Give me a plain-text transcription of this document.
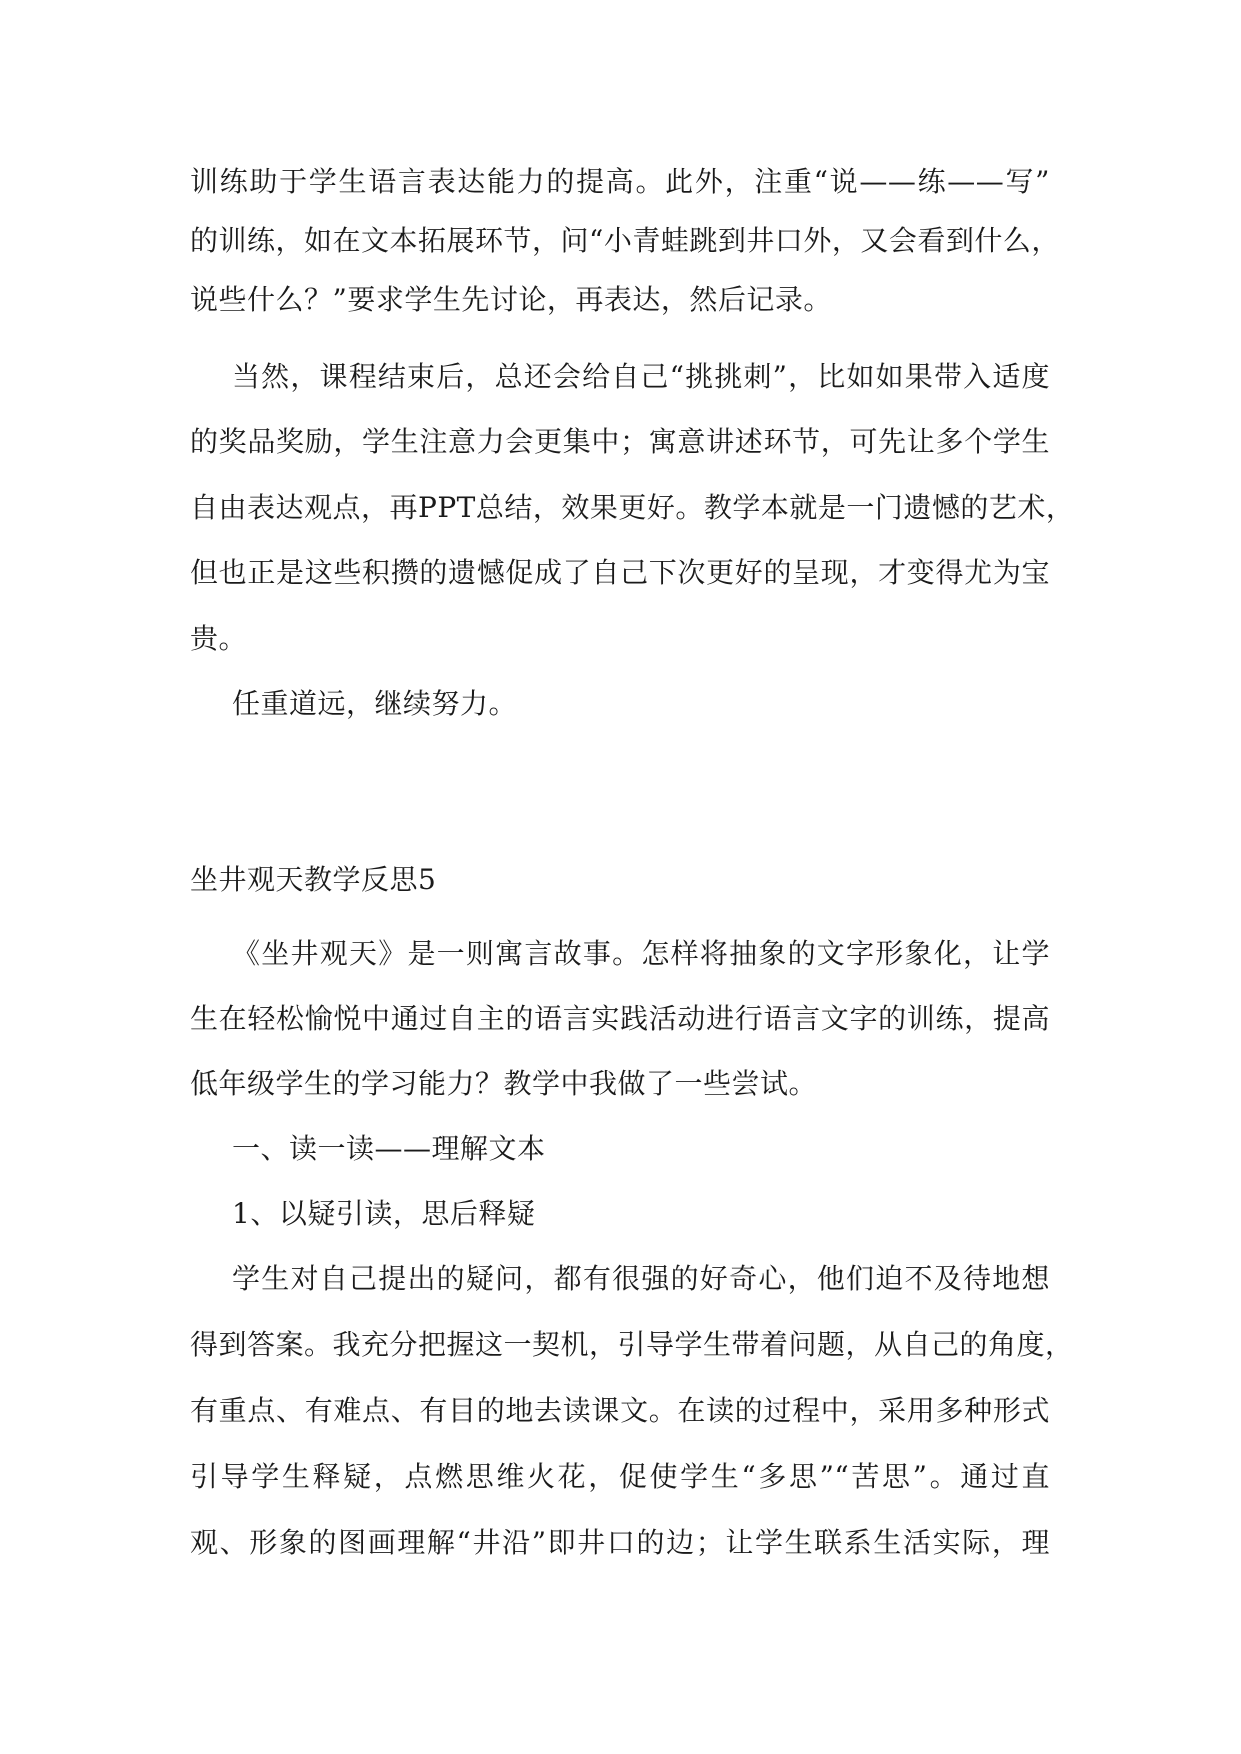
训练助于学生语言表达能力的提高。此外，注重“说——练——写”
的训练，如在文本拓展环节，问“小青蛙跳到井口外，又会看到什么，
说些什么？”要求学生先讨论，再表达，然后记录。
当然，课程结束后，总还会给自己“挑挑刺”，比如如果带入适度
的奖品奖励，学生注意力会更集中；寓意讲述环节，可先让多个学生
自由表达观点，再PPT总结，效果更好。教学本就是一门遗憾的艺术，
但也正是这些积攒的遗憾促成了自己下次更好的呈现，才变得尤为宝
贵。
任重道远，继续努力。
坐井观天教学反思5
《坐井观天》是一则寓言故事。怎样将抽象的文字形象化，让学
生在轻松愉悦中通过自主的语言实践活动进行语言文字的训练，提高
低年级学生的学习能力？教学中我做了一些尝试。
一、读一读——理解文本
1、以疑引读，思后释疑
学生对自己提出的疑问，都有很强的好奇心，他们迫不及待地想
得到答案。我充分把握这一契机，引导学生带着问题，从自己的角度，
有重点、有难点、有目的地去读课文。在读的过程中，采用多种形式
引导学生释疑，点燃思维火花，促使学生“多思”“苦思”。通过直
观、形象的图画理解“井沿”即井口的边；让学生联系生活实际，理
